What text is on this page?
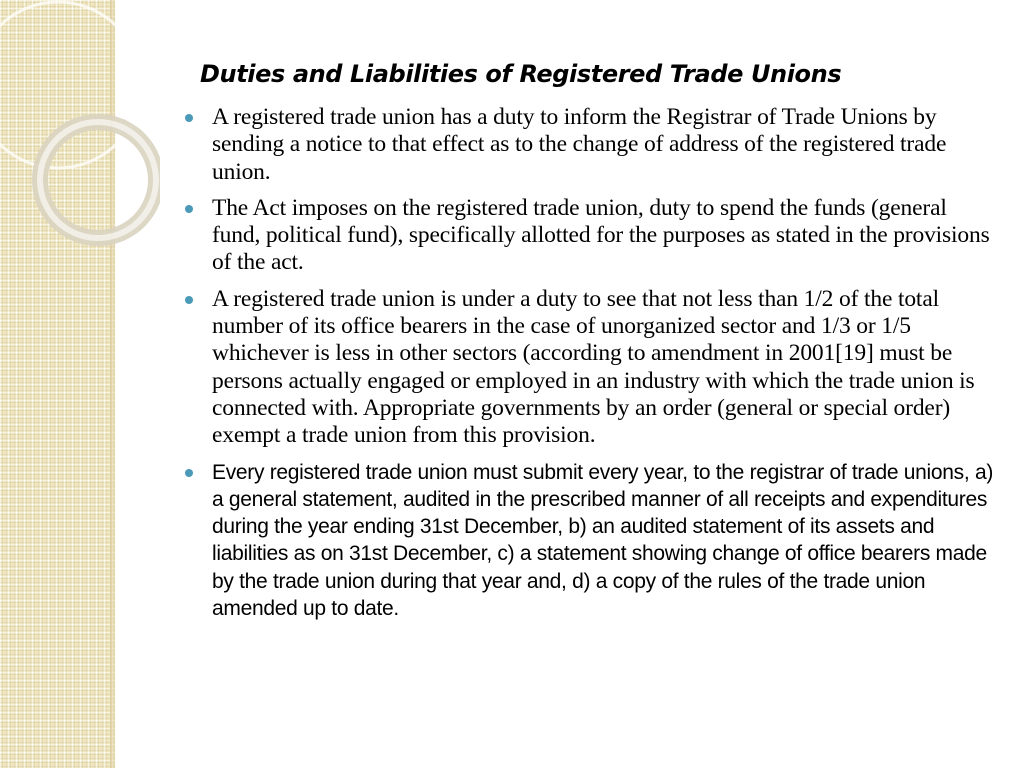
Duties and Liabilities of Registered Trade Unions
A registered trade union has a duty to inform the Registrar of Trade Unions by sending a notice to that effect as to the change of address of the registered trade union.
The Act imposes on the registered trade union, duty to spend the funds (general fund, political fund), specifically allotted for the purposes as stated in the provisions of the act.
A registered trade union is under a duty to see that not less than 1/2 of the total number of its office bearers in the case of unorganized sector and 1/3 or 1/5 whichever is less in other sectors (according to amendment in 2001[19] must be persons actually engaged or employed in an industry with which the trade union is connected with. Appropriate governments by an order (general or special order) exempt a trade union from this provision.
Every registered trade union must submit every year, to the registrar of trade unions, a) a general statement, audited in the prescribed manner of all receipts and expenditures during the year ending 31st December, b) an audited statement of its assets and liabilities as on 31st December, c) a statement showing change of office bearers made by the trade union during that year and, d) a copy of the rules of the trade union amended up to date.
